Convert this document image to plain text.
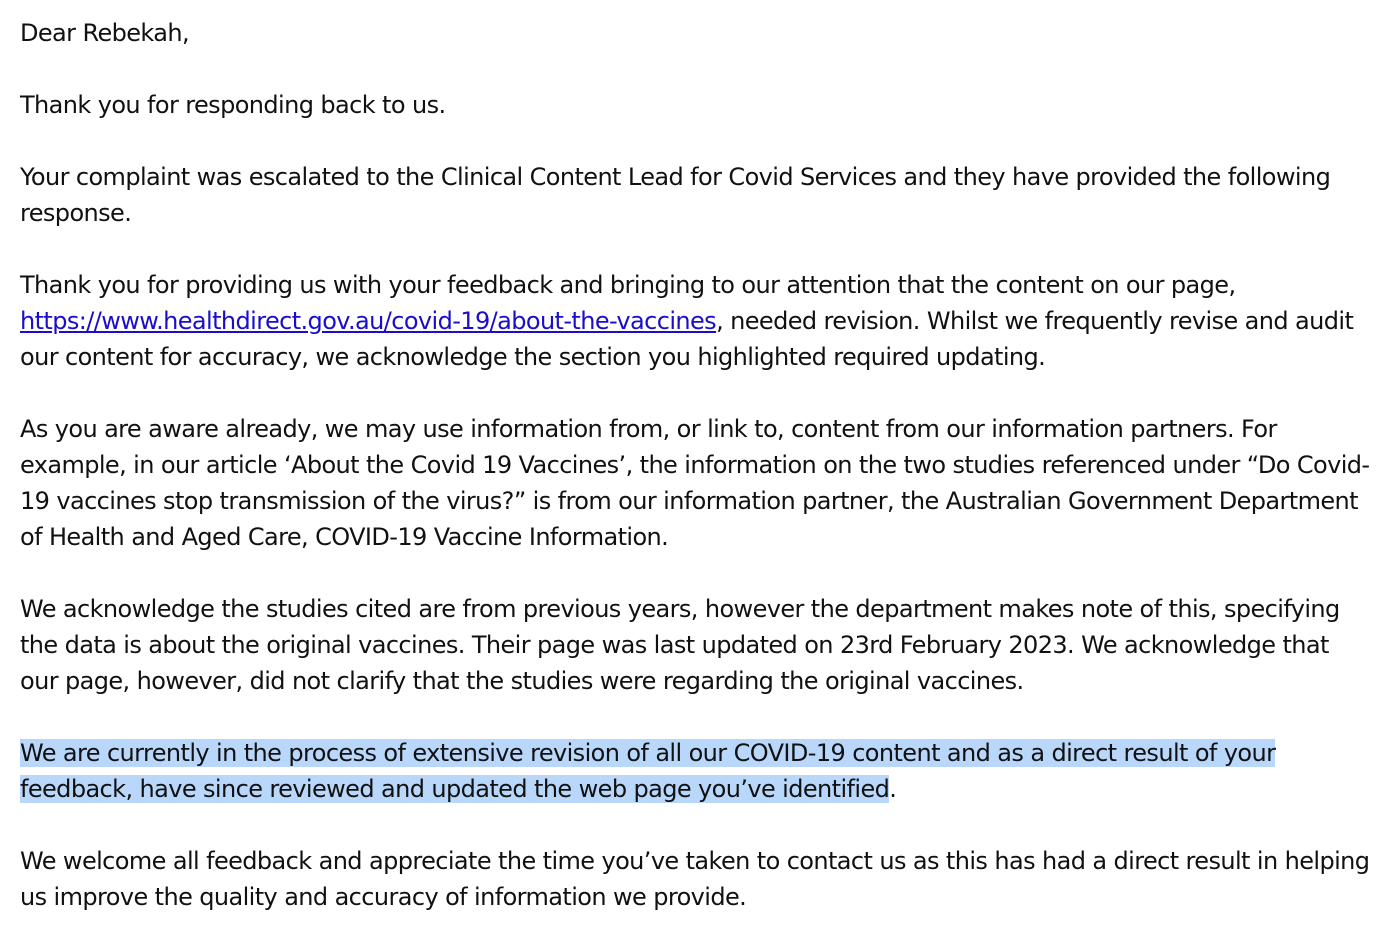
Dear Rebekah,

Thank you for responding back to us.

Your complaint was escalated to the Clinical Content Lead for Covid Services and they have provided the following response.

Thank you for providing us with your feedback and bringing to our attention that the content on our page, https://www.healthdirect.gov.au/covid-19/about-the-vaccines, needed revision. Whilst we frequently revise and audit our content for accuracy, we acknowledge the section you highlighted required updating.

As you are aware already, we may use information from, or link to, content from our information partners. For example, in our article ‘About the Covid 19 Vaccines’, the information on the two studies referenced under “Do Covid-19 vaccines stop transmission of the virus?” is from our information partner, the Australian Government Department of Health and Aged Care, COVID-19 Vaccine Information.

We acknowledge the studies cited are from previous years, however the department makes note of this, specifying the data is about the original vaccines. Their page was last updated on 23rd February 2023. We acknowledge that our page, however, did not clarify that the studies were regarding the original vaccines.

We are currently in the process of extensive revision of all our COVID-19 content and as a direct result of your feedback, have since reviewed and updated the web page you’ve identified.

We welcome all feedback and appreciate the time you’ve taken to contact us as this has had a direct result in helping us improve the quality and accuracy of information we provide.
